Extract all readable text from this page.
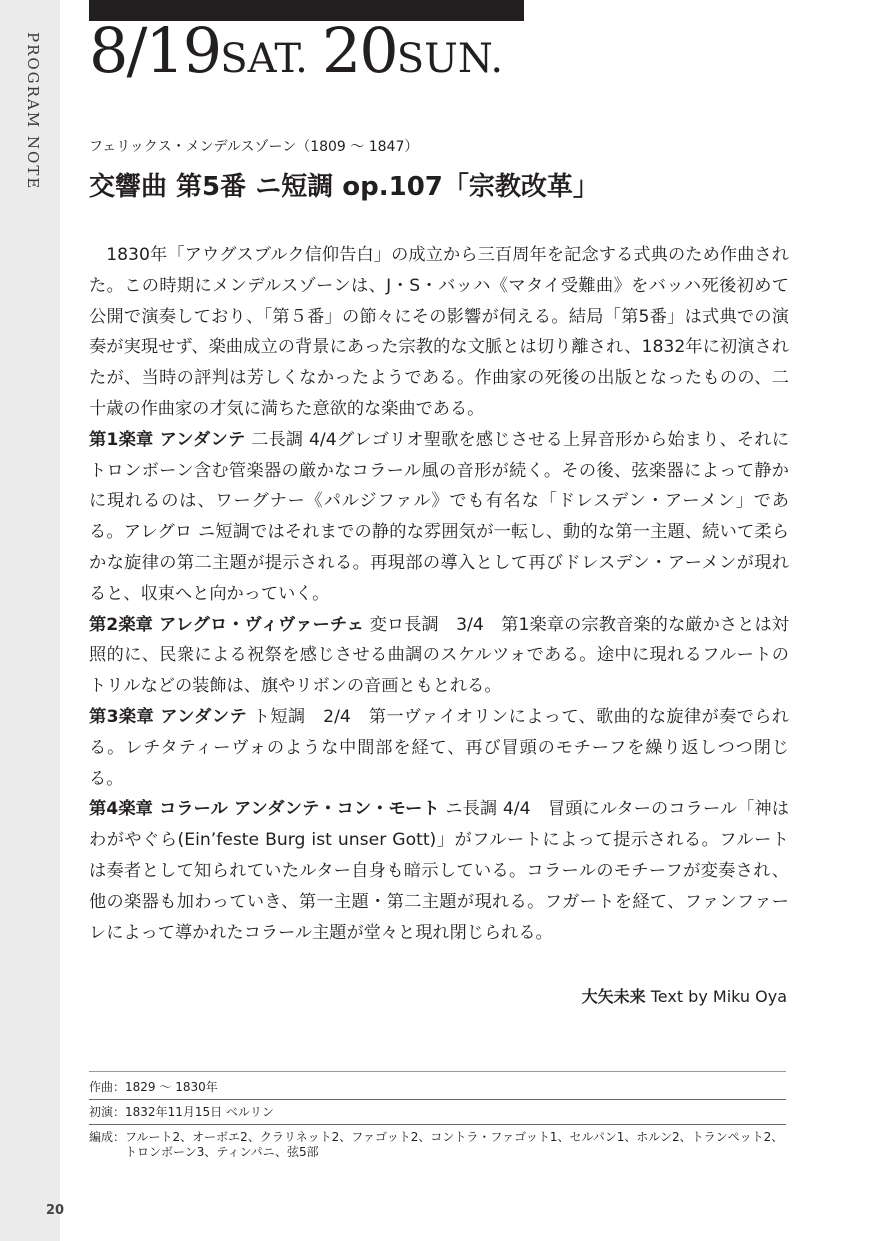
PROGRAM NOTE
20
8/19SAT. 20SUN.
フェリックス・メンデルスゾーン（1809 ～ 1847）
交響曲 第5番 ニ短調 op.107「宗教改革」

1830年「アウグスブルク信仰告白」の成立から三百周年を記念する式典のため作曲された。この時期にメンデルスゾーンは、J・S・バッハ《マタイ受難曲》をバッハ死後初めて公開で演奏しており、「第５番」の節々にその影響が伺える。結局「第5番」は式典での演奏が実現せず、楽曲成立の背景にあった宗教的な文脈とは切り離され、1832年に初演されたが、当時の評判は芳しくなかったようである。作曲家の死後の出版となったものの、二十歳の作曲家の才気に満ちた意欲的な楽曲である。

第1楽章 アンダンテ 二長調 4/4グレゴリオ聖歌を感じさせる上昇音形から始まり、それにトロンボーン含む管楽器の厳かなコラール風の音形が続く。その後、弦楽器によって静かに現れるのは、ワーグナー《パルジファル》でも有名な「ドレスデン・アーメン」である。アレグロ ニ短調ではそれまでの静的な雰囲気が一転し、動的な第一主題、続いて柔らかな旋律の第二主題が提示される。再現部の導入として再びドレスデン・アーメンが現れると、収束へと向かっていく。

第2楽章 アレグロ・ヴィヴァーチェ 変ロ長調　3/4　第1楽章の宗教音楽的な厳かさとは対照的に、民衆による祝祭を感じさせる曲調のスケルツォである。途中に現れるフルートのトリルなどの装飾は、旗やリボンの音画ともとれる。

第3楽章 アンダンテ ト短調　2/4　第一ヴァイオリンによって、歌曲的な旋律が奏でられる。レチタティーヴォのような中間部を経て、再び冒頭のモチーフを繰り返しつつ閉じる。

第4楽章 コラール アンダンテ・コン・モート ニ長調 4/4　冒頭にルターのコラール「神はわがやぐら(Ein’feste Burg ist unser Gott)」がフルートによって提示される。フルートは奏者として知られていたルター自身も暗示している。コラールのモチーフが変奏され、他の楽器も加わっていき、第一主題・第二主題が現れる。フガートを経て、ファンファーレによって導かれたコラール主題が堂々と現れ閉じられる。

大矢未来 Text by Miku Oya
作曲 ： 1829 ～ 1830年
初演 ： 1832年11月15日 ベルリン
編成 ： フルート2、オーボエ2、クラリネット2、ファゴット2、コントラ・ファゴット1、セルパン1、ホルン2、トランペット2、トロンボーン3、ティンパニ、弦5部
